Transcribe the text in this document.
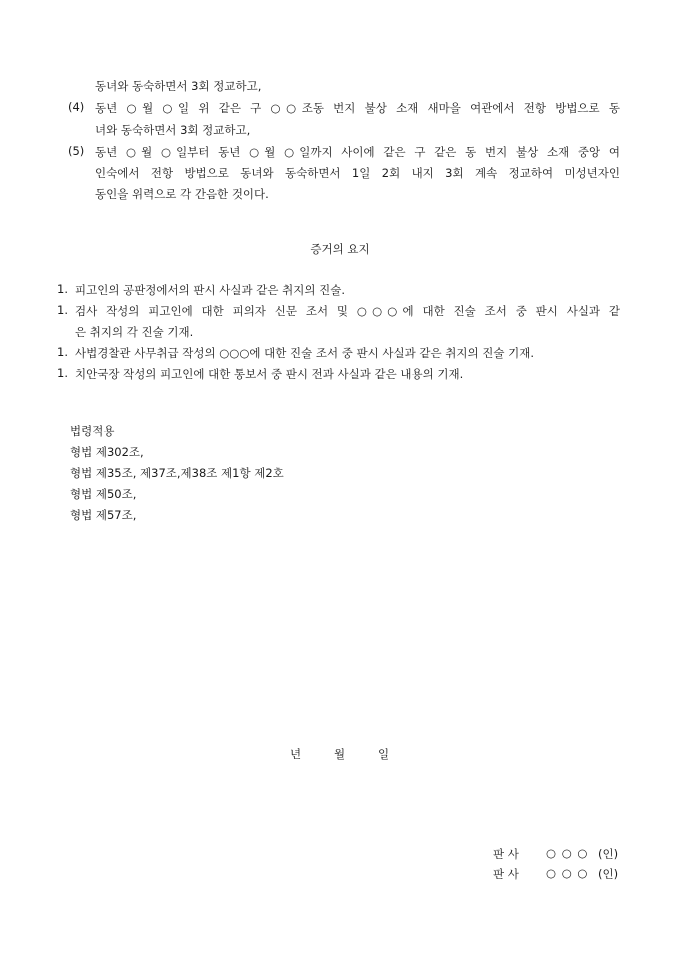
동녀와 동숙하면서 3회 정교하고,
(4) 동년 ○월 ○일 위 같은 구 ○○조동 번지 불상 소재 새마을 여관에서 전항 방법으로 동
녀와 동숙하면서 3회 정교하고,
(5) 동년 ○월 ○일부터 동년 ○월 ○일까지 사이에 같은 구 같은 동 번지 불상 소재 중앙 여
인숙에서 전항 방법으로 동녀와 동숙하면서 1일 2회 내지 3회 계속 정교하여 미성년자인
동인을 위력으로 각 간음한 것이다.
증거의 요지
1. 피고인의 공판정에서의 판시 사실과 같은 취지의 진술.
1. 검사 작성의 피고인에 대한 피의자 신문 조서 및 ○○○에 대한 진술 조서 중 판시 사실과 같
은 취지의 각 진술 기재.
1. 사법경찰관 사무취급 작성의 ○○○에 대한 진술 조서 중 판시 사실과 같은 취지의 진술 기재.
1. 치안국장 작성의 피고인에 대한 통보서 중 판시 전과 사실과 같은 내용의 기재.
법령적용
형법 제302조,
형법 제35조, 제37조,제38조 제1항 제2호
형법 제50조,
형법 제57조,
년	월	일
판 사 ○ ○ ○ (인)
판 사 ○ ○ ○ (인)
